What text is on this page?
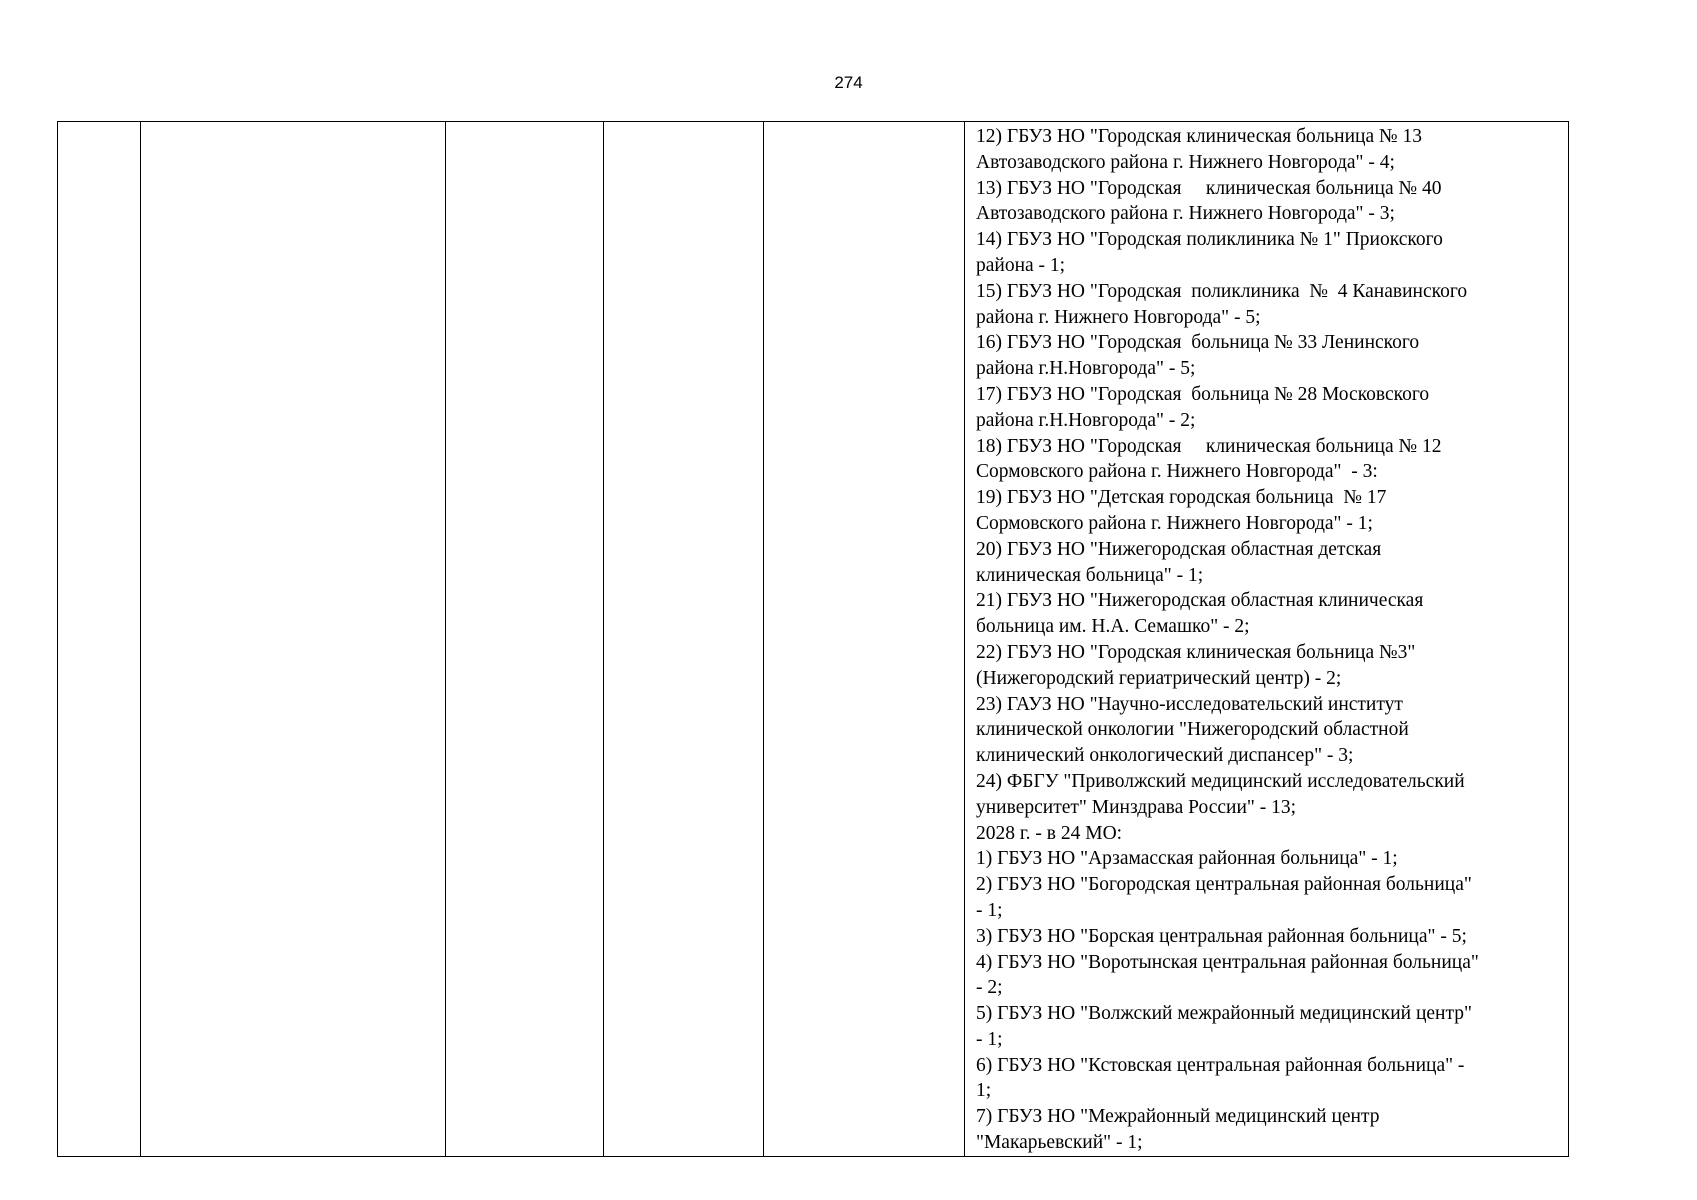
274

12) ГБУЗ НО "Городская клиническая больница № 13
Автозаводского района г. Нижнего Новгорода" - 4;
13) ГБУЗ НО "Городская     клиническая больница № 40
Автозаводского района г. Нижнего Новгорода" - 3;
14) ГБУЗ НО "Городская поликлиника № 1" Приокского
района - 1;
15) ГБУЗ НО "Городская  поликлиника  №  4 Канавинского
района г. Нижнего Новгорода" - 5;
16) ГБУЗ НО "Городская  больница № 33 Ленинского
района г.Н.Новгорода" - 5;
17) ГБУЗ НО "Городская  больница № 28 Московского
района г.Н.Новгорода" - 2;
18) ГБУЗ НО "Городская     клиническая больница № 12
Сормовского района г. Нижнего Новгорода"  - 3:
19) ГБУЗ НО "Детская городская больница  № 17
Сормовского района г. Нижнего Новгорода" - 1;
20) ГБУЗ НО "Нижегородская областная детская
клиническая больница" - 1;
21) ГБУЗ НО "Нижегородская областная клиническая
больница им. Н.А. Семашко" - 2;
22) ГБУЗ НО "Городская клиническая больница №3"
(Нижегородский гериатрический центр) - 2;
23) ГАУЗ НО "Научно-исследовательский институт
клинической онкологии "Нижегородский областной
клинический онкологический диспансер" - 3;
24) ФБГУ "Приволжский медицинский исследовательский
университет" Минздрава России" - 13;
2028 г. - в 24 МО:
1) ГБУЗ НО "Арзамасская районная больница" - 1;
2) ГБУЗ НО "Богородская центральная районная больница"
- 1;
3) ГБУЗ НО "Борская центральная районная больница" - 5;
4) ГБУЗ НО "Воротынская центральная районная больница"
- 2;
5) ГБУЗ НО "Волжский межрайонный медицинский центр"
- 1;
6) ГБУЗ НО "Кстовская центральная районная больница" -
1;
7) ГБУЗ НО "Межрайонный медицинский центр
"Макарьевский" - 1;
